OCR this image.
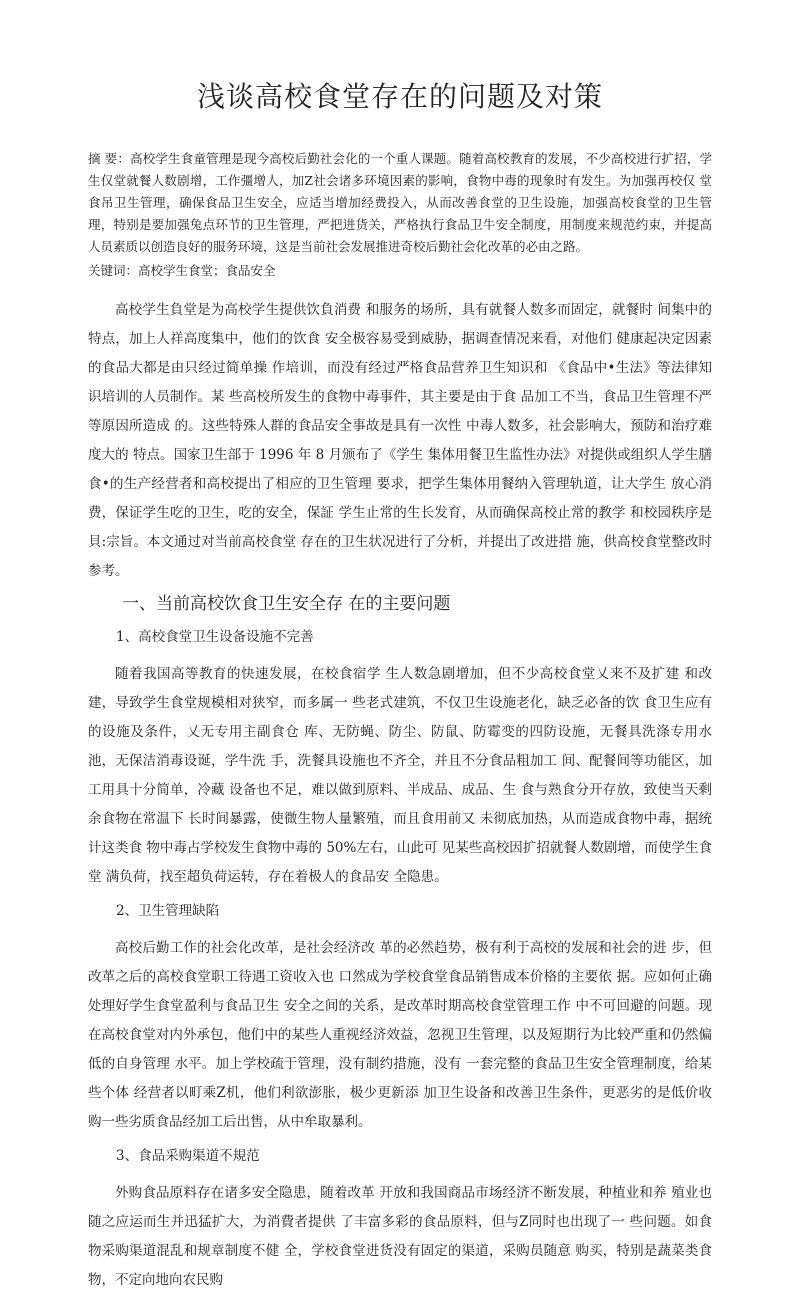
浅谈高校食堂存在的问题及对策

摘 要：高校学生食童管理是现今高校后勤社会化的一个重人课题。随着高校教育的发展，不少高校进行扩招，学生仅堂就餐人数剧增，工作彊增人，加Z社会诸多环境因素的影响，食物中毒的现象时有发生。为加强再校仅 堂食吊卫生管理，确保食品卫生安全，应适当增加经费投入，从而改善食堂的卫生设施，加强高校食堂的卫生管 理，特别是要加强兔点环节的卫生管理，严把进货关，严格执行食品卫牛安全制度，用制度来规范约束，并提高 人员素质以创造良好的服务环境，这是当前社会发展推进奇校后勤社会化改革的必由之路。

关键词：高校学生食堂；食品安全

高校学生負堂是为高校学生提供饮負消费 和服务的场所，具有就餐人数多而固定，就餐时 间集中的特点，加上人祥高度集中，他们的饮食 安全极容易受到威胁，据调查情况来看，对他们 健康起决定因素的食品大都是由只经过简单操 作培训，而没有经过严格食品营养卫生知识和 《食品中•生法》等法律知识培训的人员制作。某 些高校所发生的食物中毒事件，其主要是由于食 品加工不当，食品卫生管理不严等原因所造成 的。这些特殊人群的食品安全事故是具有一次性 中毒人数多，社会影响大，预防和治疗难度大的 特点。国家卫生部于 1996 年 8 月颁布了《学生 集体用餐卫生监性办法》对提供或组织人学生膳 食•的生产经营者和高校提出了相应的卫生管理 要求，把学生集体用餐纳入管理轨道，让大学生 放心消费，保证学生吃的卫生，吃的安全，保証 学生止常的生长发育，从而确保高校止常的教学 和校园秩序是貝:宗旨。本文通过对当前高校食堂 存在的卫生状况进行了分析，并提出了改进措 施，供高校食堂整改时参考。

一、当前高校饮食卫生安全存 在的主要问题
1、高校食堂卫生设备设施不完善

随着我国高等教育的快速发展，在校食宿学 生人数急剧增加，但不少高校食堂乂来不及扩建 和改建，导致学生食堂规模相对狭窄，而多属一 些老式建筑，不仅卫生设施老化，缺乏必备的饮 食卫生应有的设施及条件，乂无专用主副食仓 库、无防蝇、防尘、防鼠、防霉变的四防设施，无餐具洗涤专用水池，无保洁消毒设诞，学牛洗 手，洗餐具设施也不齐全，并且不分食品粗加工 间、配餐间等功能区，加工用具十分简单，冷藏 设备也不足，难以做到原料、半成品、成品、生 食与熟食分开存放，致使当天剩余食物在常温下 长时间暴露，使微生物人量繁殖，而且食用前又 未彻底加热，从而造成食物中毒，据统计这类食 物中毒占学校发生食物中毒的 50%左右，山此可 见某些高校因扩招就餐人数剧增，而使学生食堂 满负荷，找至超负荷运转，存在着极人的食品安 全隐患。

2、卫生管理缺陷

高校后勤工作的社会化改革，是社会经济改 革的必然趋势，极有利于高校的发展和社会的进 步，但改革之后的高校食堂职工待遇工资收入也 口然成为学校食堂食品销售成本价格的主要依 据。应如何止确处理好学生食堂盈利与食品卫生 安全之间的关系，是改革时期高校食堂管理工作 中不可回避的问题。现在高校食堂对内外承包，他们中的某些人重视经济效益，忽视卫生管理，以及短期行为比较严重和仍然偏低的自身管理 水平。加上学校疏于管理，没有制约措施，没有 一套完整的食品卫生安全管理制度，给某些个体 经营者以町乘Z机，他们利欲澎胀，极少更新添 加卫生设备和改善卫生条件，更恶劣的是低价收 购一些劣质食品经加工后出售，从中牟取暴利。

3、食品采购渠道不規范

外购食品原料存在诸多安全隐患，随着改革 开放和我国商品市场经济不断发展，种植业和养 殖业也随之应运而生并迅猛扩大，为消費者提供 了丰富多彩的食品原料，但与Z同时也出现了一 些问题。如食物采购渠道混乱和规章制度不健 全，学校食堂进货没有固定的渠道，采购员随意 购买，特别是蔬菜类食物，不定向地向农民购
